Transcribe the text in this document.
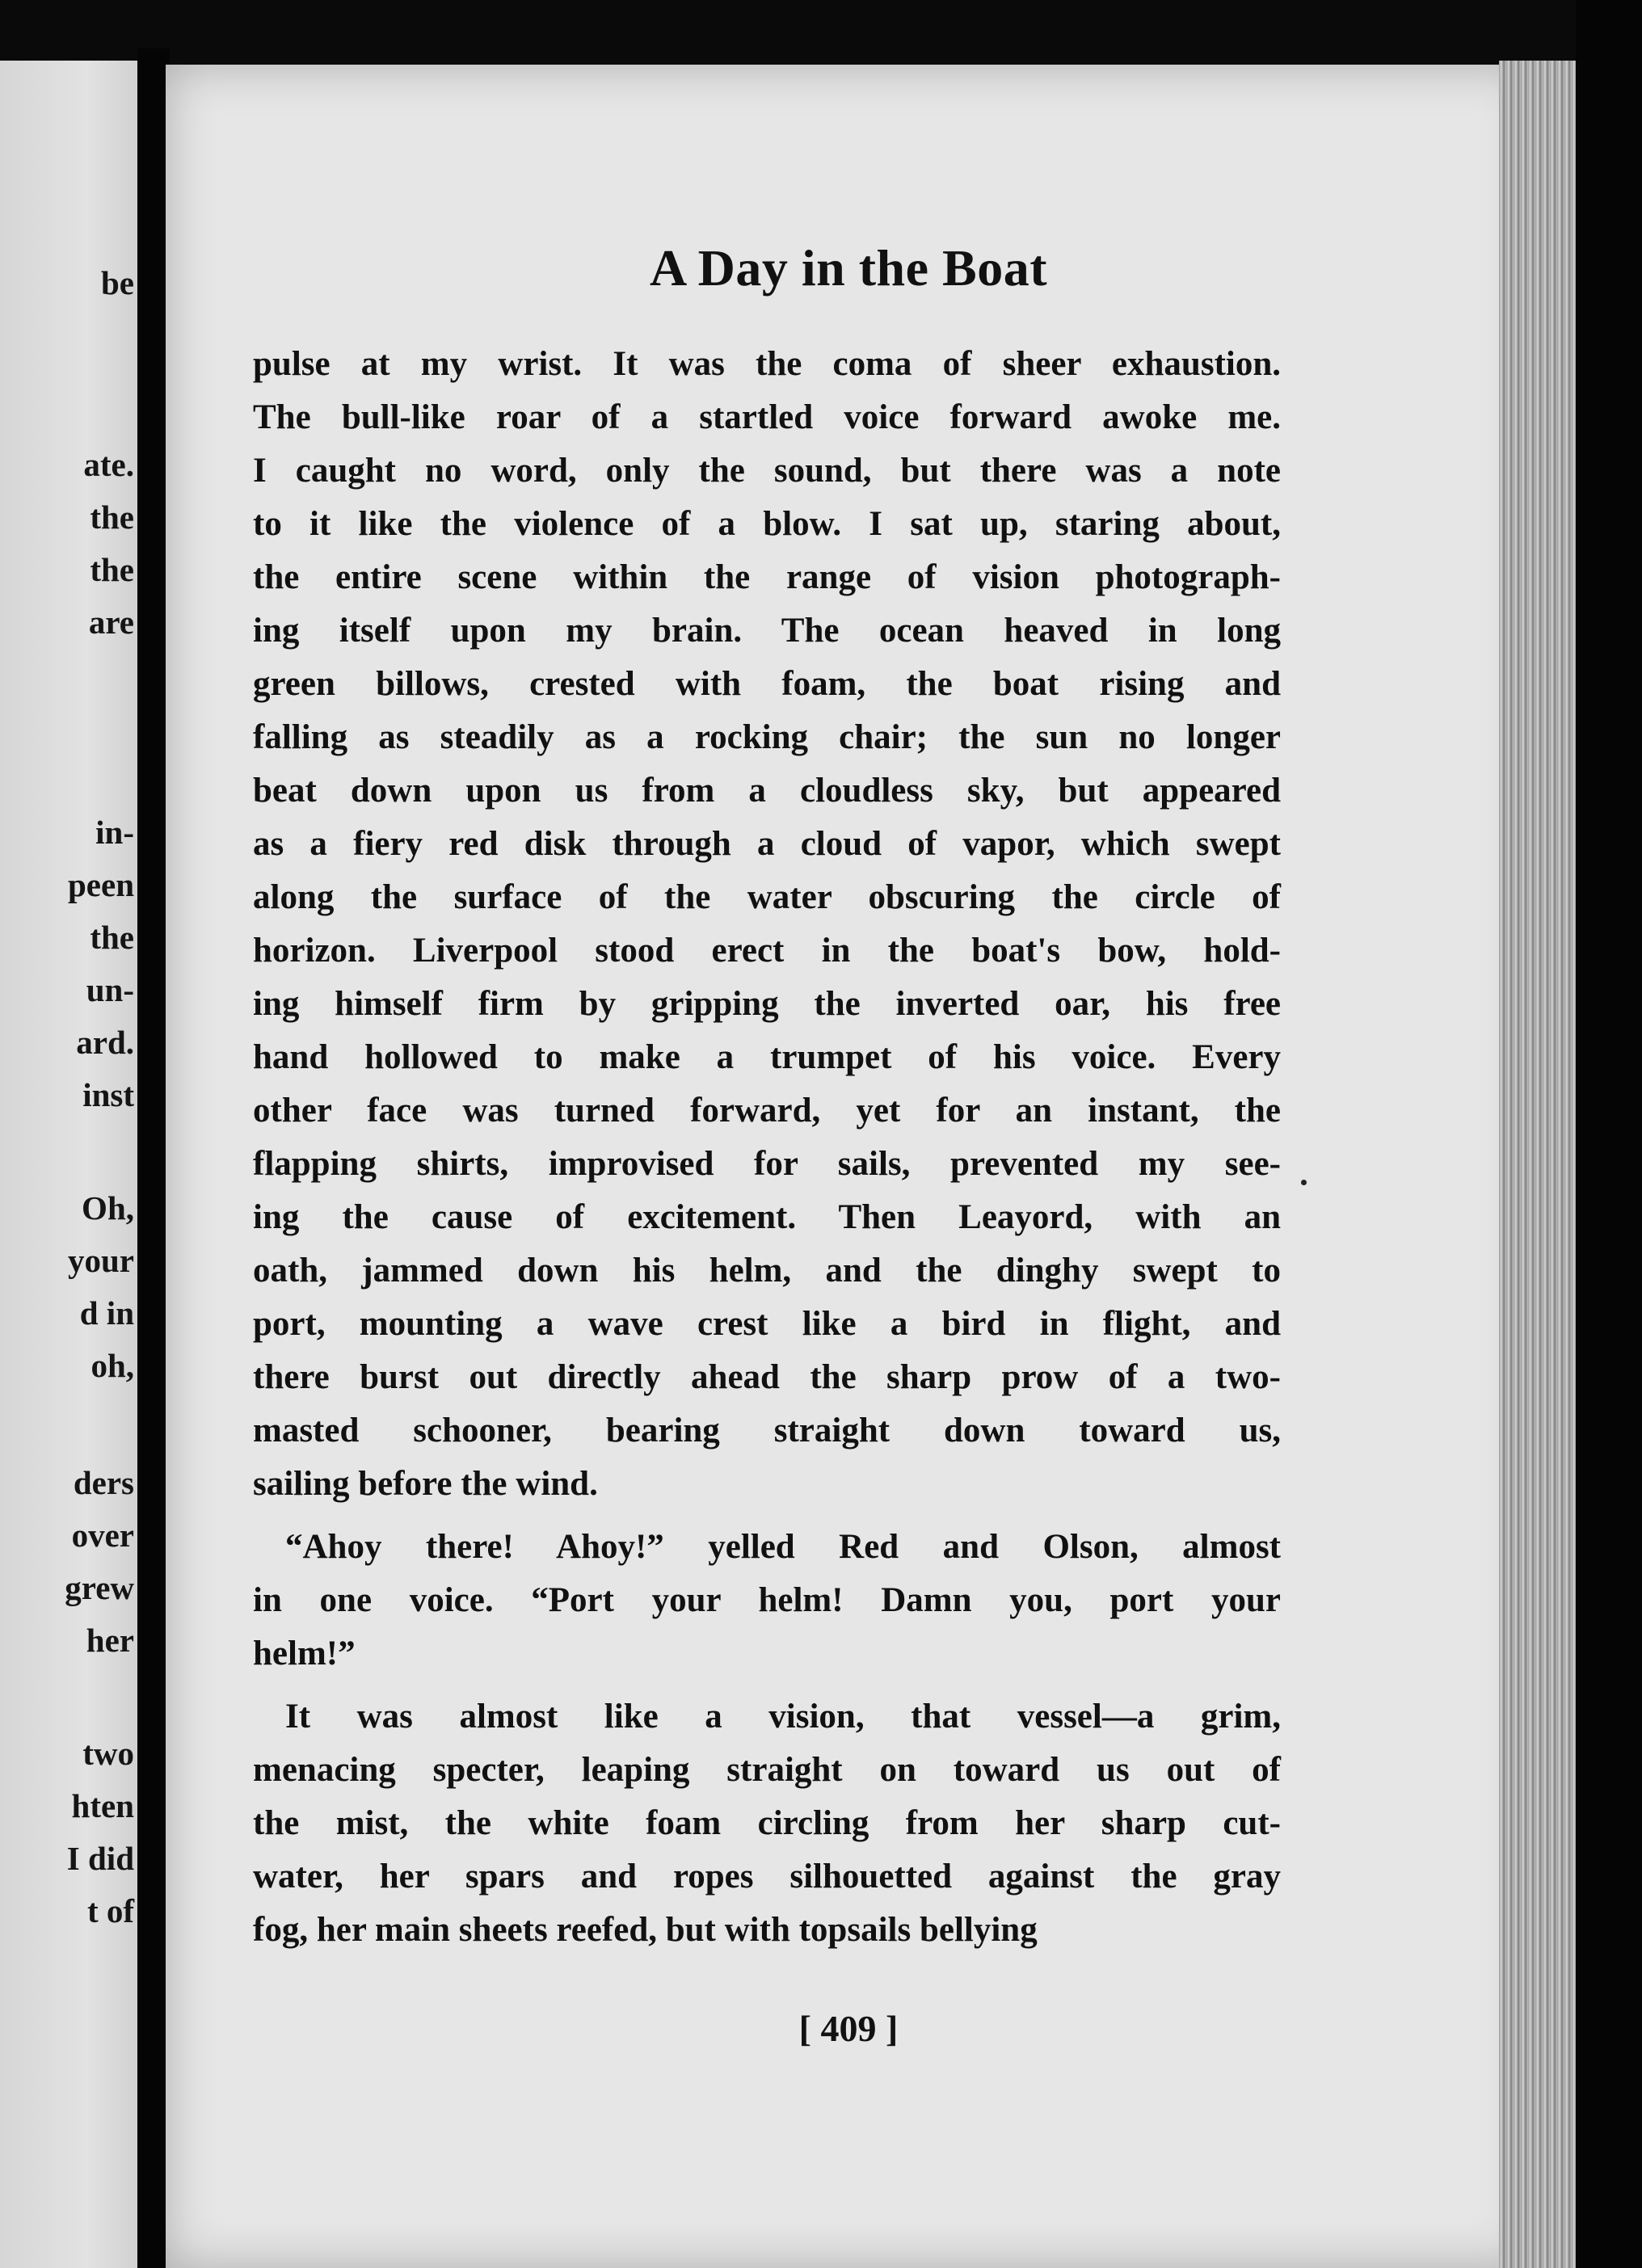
be
ate.
the
the
are
in-
peen
the
un-
ard.
inst
Oh,
your
d in
oh,
ders
over
grew
her
two
hten
I did
t of
A Day in the Boat
pulse at my wrist. It was the coma of sheer exhaustion.
The bull-like roar of a startled voice forward awoke me.
I caught no word, only the sound, but there was a note
to it like the violence of a blow. I sat up, staring about,
the entire scene within the range of vision photograph-
ing itself upon my brain. The ocean heaved in long
green billows, crested with foam, the boat rising and
falling as steadily as a rocking chair; the sun no longer
beat down upon us from a cloudless sky, but appeared
as a fiery red disk through a cloud of vapor, which swept
along the surface of the water obscuring the circle of
horizon. Liverpool stood erect in the boat's bow, hold-
ing himself firm by gripping the inverted oar, his free
hand hollowed to make a trumpet of his voice. Every
other face was turned forward, yet for an instant, the
flapping shirts, improvised for sails, prevented my see-
ing the cause of excitement. Then Leayord, with an
oath, jammed down his helm, and the dinghy swept to
port, mounting a wave crest like a bird in flight, and
there burst out directly ahead the sharp prow of a two-
masted schooner, bearing straight down toward us,
sailing before the wind.
“Ahoy there! Ahoy!” yelled Red and Olson, almost
in one voice. “Port your helm! Damn you, port your
helm!”
It was almost like a vision, that vessel—a grim,
menacing specter, leaping straight on toward us out of
the mist, the white foam circling from her sharp cut-
water, her spars and ropes silhouetted against the gray
fog, her main sheets reefed, but with topsails bellying
[ 409 ]
